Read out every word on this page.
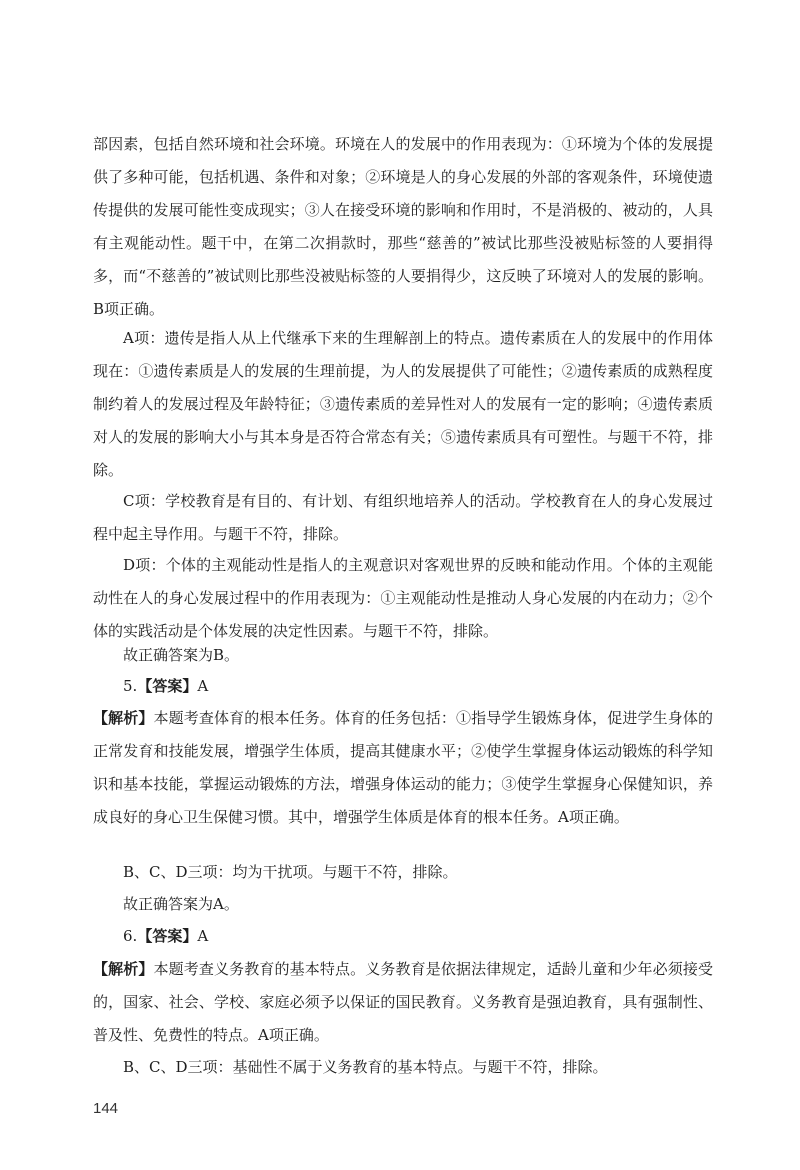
部因素，包括自然环境和社会环境。环境在人的发展中的作用表现为：①环境为个体的发展提供了多种可能，包括机遇、条件和对象；②环境是人的身心发展的外部的客观条件，环境使遗传提供的发展可能性变成现实；③人在接受环境的影响和作用时，不是消极的、被动的，人具有主观能动性。题干中，在第二次捐款时，那些“慈善的”被试比那些没被贴标签的人要捐得多，而“不慈善的”被试则比那些没被贴标签的人要捐得少，这反映了环境对人的发展的影响。B项正确。

A项：遗传是指人从上代继承下来的生理解剖上的特点。遗传素质在人的发展中的作用体现在：①遗传素质是人的发展的生理前提，为人的发展提供了可能性；②遗传素质的成熟程度制约着人的发展过程及年龄特征；③遗传素质的差异性对人的发展有一定的影响；④遗传素质对人的发展的影响大小与其本身是否符合常态有关；⑤遗传素质具有可塑性。与题干不符，排除。

C项：学校教育是有目的、有计划、有组织地培养人的活动。学校教育在人的身心发展过程中起主导作用。与题干不符，排除。

D项：个体的主观能动性是指人的主观意识对客观世界的反映和能动作用。个体的主观能动性在人的身心发展过程中的作用表现为：①主观能动性是推动人身心发展的内在动力；②个体的实践活动是个体发展的决定性因素。与题干不符，排除。

故正确答案为B。

5.【答案】A

【解析】本题考查体育的根本任务。体育的任务包括：①指导学生锻炼身体，促进学生身体的正常发育和技能发展，增强学生体质，提高其健康水平；②使学生掌握身体运动锻炼的科学知识和基本技能，掌握运动锻炼的方法，增强身体运动的能力；③使学生掌握身心保健知识，养成良好的身心卫生保健习惯。其中，增强学生体质是体育的根本任务。A项正确。

B、C、D三项：均为干扰项。与题干不符，排除。

故正确答案为A。

6.【答案】A

【解析】本题考查义务教育的基本特点。义务教育是依据法律规定，适龄儿童和少年必须接受的，国家、社会、学校、家庭必须予以保证的国民教育。义务教育是强迫教育，具有强制性、普及性、免费性的特点。A项正确。

B、C、D三项：基础性不属于义务教育的基本特点。与题干不符，排除。

144
